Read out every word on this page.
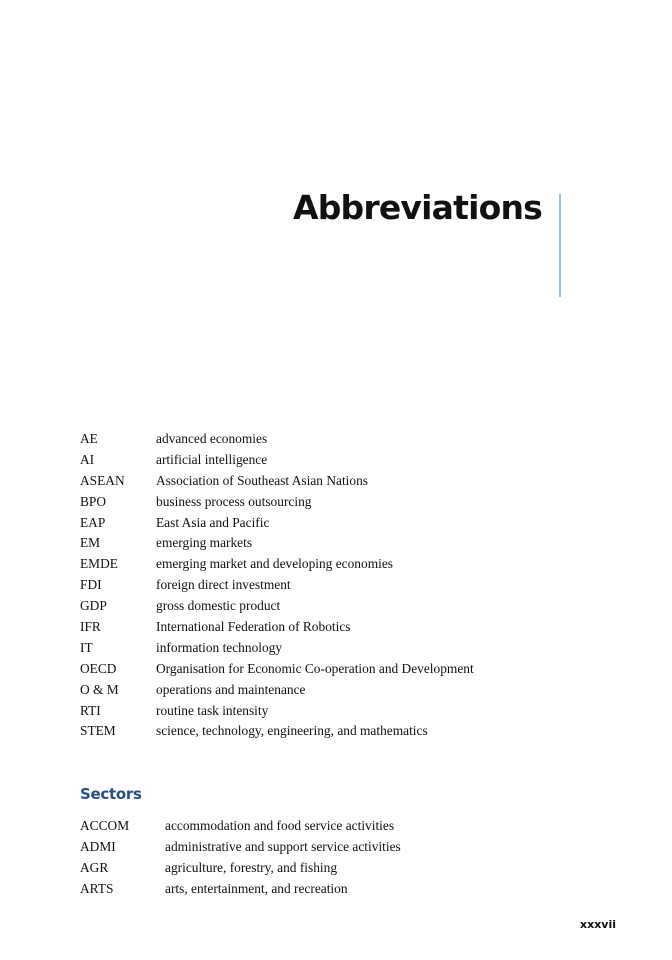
Abbreviations
AE	advanced economies
AI	artificial intelligence
ASEAN	Association of Southeast Asian Nations
BPO	business process outsourcing
EAP	East Asia and Pacific
EM	emerging markets
EMDE	emerging market and developing economies
FDI	foreign direct investment
GDP	gross domestic product
IFR	International Federation of Robotics
IT	information technology
OECD	Organisation for Economic Co-operation and Development
O & M	operations and maintenance
RTI	routine task intensity
STEM	science, technology, engineering, and mathematics
Sectors
ACCOM	accommodation and food service activities
ADMI	administrative and support service activities
AGR	agriculture, forestry, and fishing
ARTS	arts, entertainment, and recreation
xxxvii
